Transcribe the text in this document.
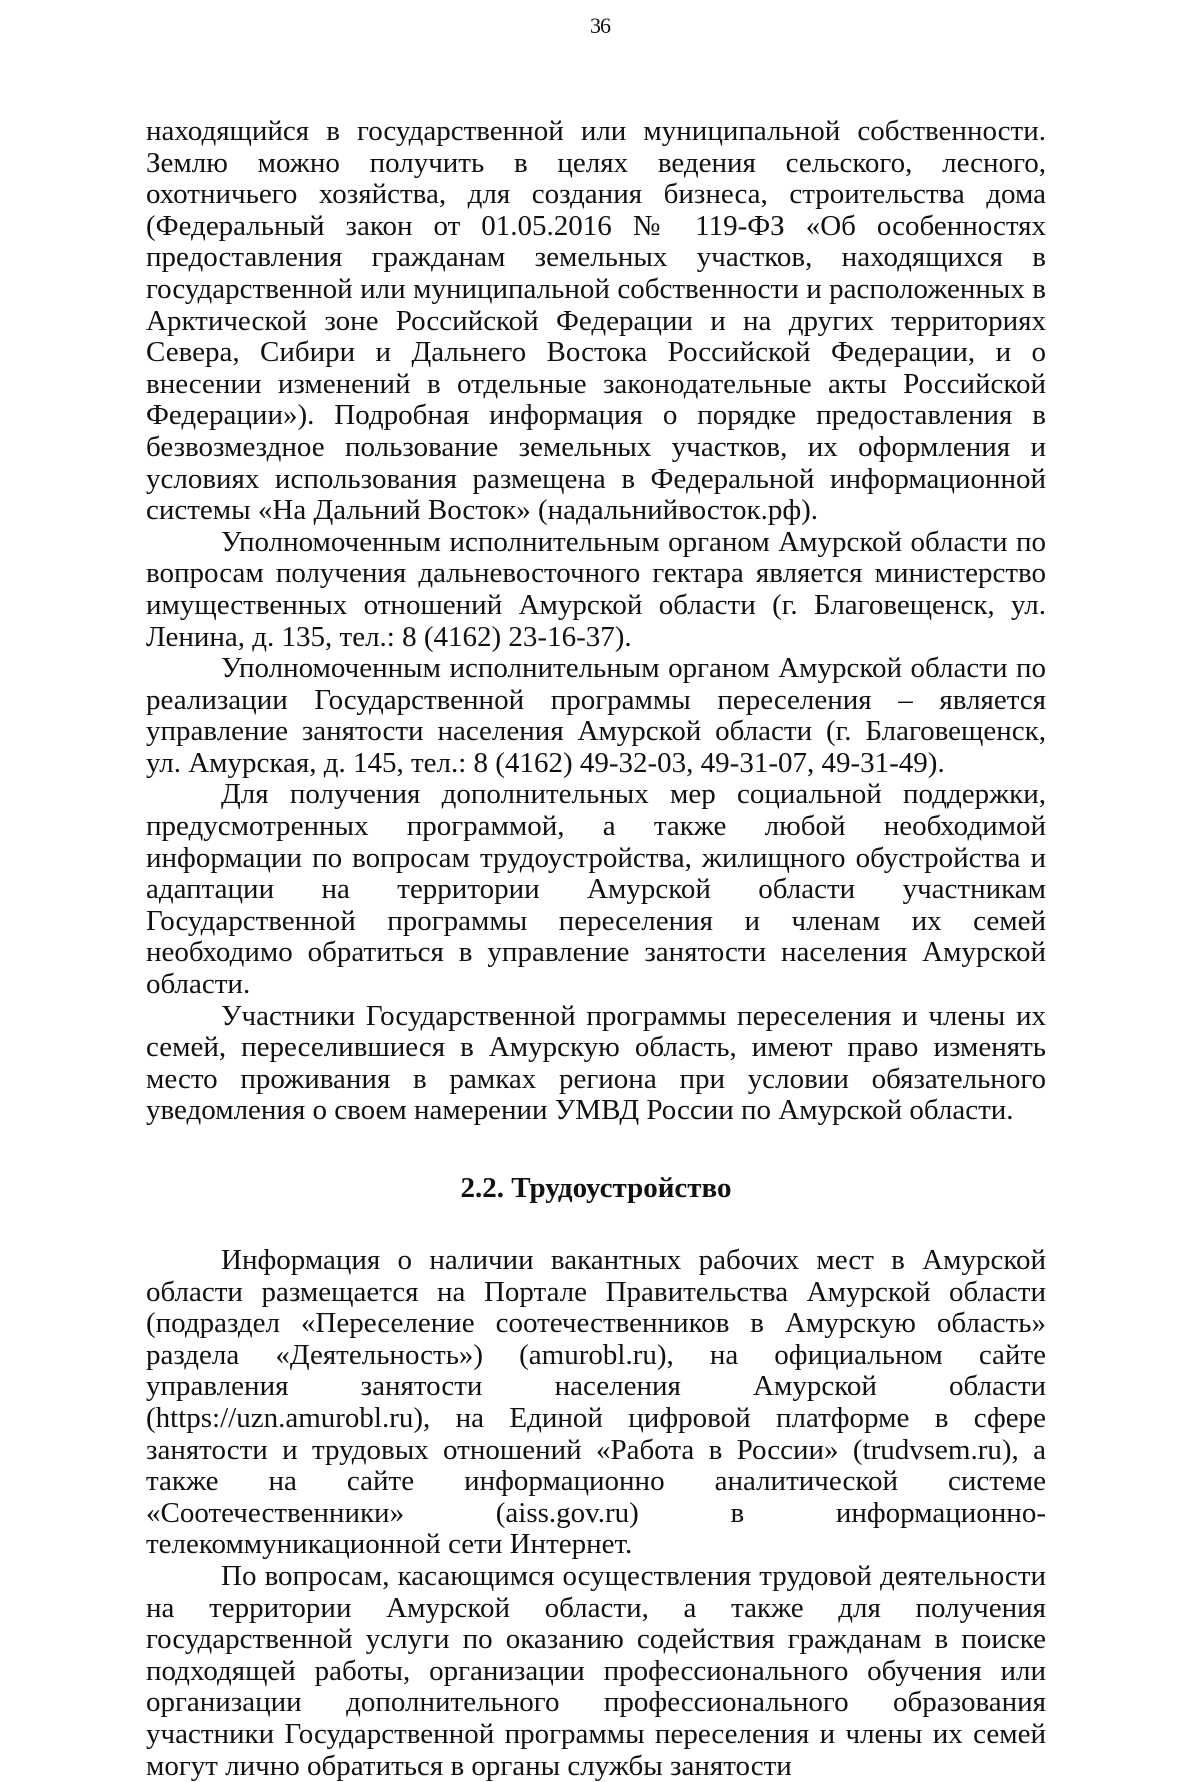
36

находящийся в государственной или муниципальной собственности. Землю можно получить в целях ведения сельского, лесного, охотничьего хозяйства, для создания бизнеса, строительства дома (Федеральный закон от 01.05.2016 № 119-ФЗ «Об особенностях предоставления гражданам земельных участков, находящихся в государственной или муниципальной собственности и расположенных в Арктической зоне Российской Федерации и на других территориях Севера, Сибири и Дальнего Востока Российской Федерации, и о внесении изменений в отдельные законодательные акты Российской Федерации»). Подробная информация о порядке предоставления в безвозмездное пользование земельных участков, их оформления и условиях использования размещена в Федеральной информационной системы «На Дальний Восток» (надальнийвосток.рф).

Уполномоченным исполнительным органом Амурской области по вопросам получения дальневосточного гектара является министерство имущественных отношений Амурской области (г. Благовещенск, ул. Ленина, д. 135, тел.: 8 (4162) 23-16-37).

Уполномоченным исполнительным органом Амурской области по реализации Государственной программы переселения – является управление занятости населения Амурской области (г. Благовещенск, ул. Амурская, д. 145, тел.: 8 (4162) 49-32-03, 49-31-07, 49-31-49).

Для получения дополнительных мер социальной поддержки, предусмотренных программой, а также любой необходимой информации по вопросам трудоустройства, жилищного обустройства и адаптации на территории Амурской области участникам Государственной программы переселения и членам их семей необходимо обратиться в управление занятости населения Амурской области.

Участники Государственной программы переселения и члены их семей, переселившиеся в Амурскую область, имеют право изменять место проживания в рамках региона при условии обязательного уведомления о своем намерении УМВД России по Амурской области.

2.2. Трудоустройство

Информация о наличии вакантных рабочих мест в Амурской области размещается на Портале Правительства Амурской области (подраздел «Переселение соотечественников в Амурскую область» раздела «Деятельность») (amurobl.ru), на официальном сайте управления занятости населения Амурской области (https://uzn.amurobl.ru), на Единой цифровой платформе в сфере занятости и трудовых отношений «Работа в России» (trudvsem.ru), а также на сайте информационно аналитической системе «Соотечественники» (aiss.gov.ru) в информационно-телекоммуникационной сети Интернет.

По вопросам, касающимся осуществления трудовой деятельности на территории Амурской области, а также для получения государственной услуги по оказанию содействия гражданам в поиске подходящей работы, организации профессионального обучения или организации дополнительного профессионального образования участники Государственной программы переселения и члены их семей могут лично обратиться в органы службы занятости
